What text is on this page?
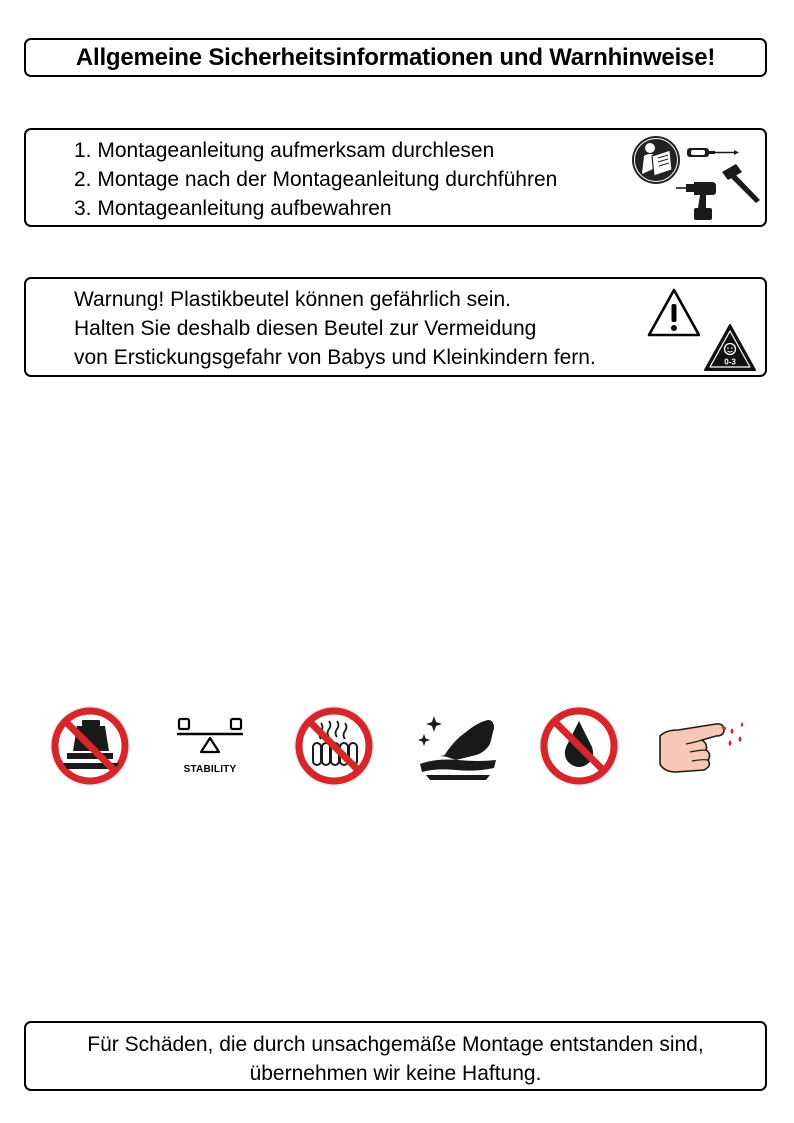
Allgemeine Sicherheitsinformationen und Warnhinweise!
1. Montageanleitung aufmerksam durchlesen
2. Montage nach der Montageanleitung durchführen
3. Montageanleitung aufbewahren
Warnung! Plastikbeutel können gefährlich sein.
Halten Sie deshalb diesen Beutel zur Vermeidung
von Erstickungsgefahr von Babys und Kleinkindern fern.	0-3
STABILITY
Für Schäden, die durch unsachgemäße Montage entstanden sind,
übernehmen wir keine Haftung.
